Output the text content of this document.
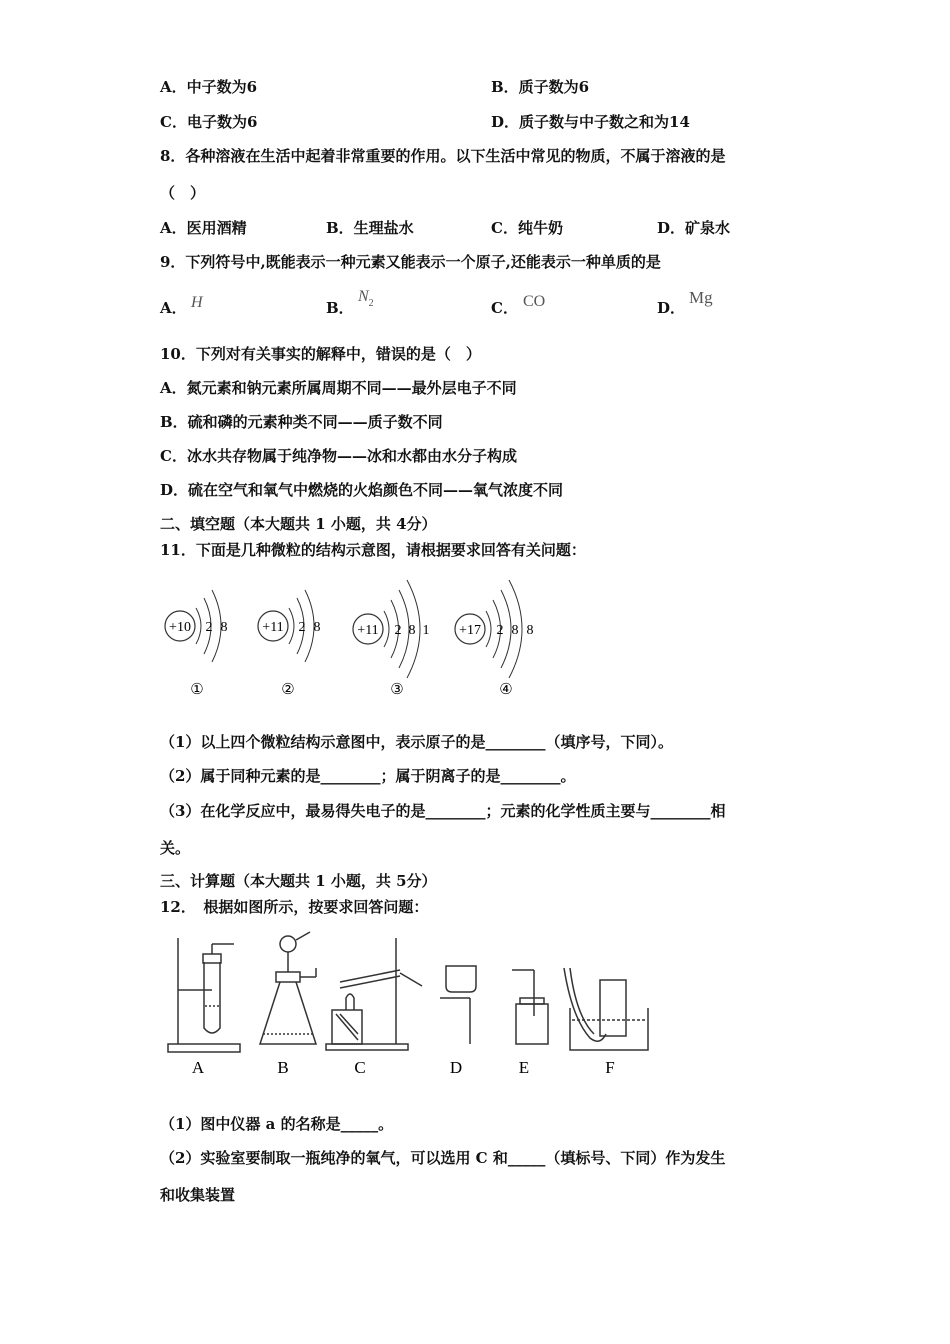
A．中子数为6	B．质子数为6
C．电子数为6	D．质子数与中子数之和为14
8．各种溶液在生活中起着非常重要的作用。以下生活中常见的物质，不属于溶液的是
（　）
A．医用酒精	B．生理盐水	C．纯牛奶	D．矿泉水
9．下列符号中,既能表示一种元素又能表示一个原子,还能表示一种单质的是
A． H	B．
$N_2$	C． CO	D．
Mg
10．下列对有关事实的解释中，错误的是（　）
A．氮元素和钠元素所属周期不同——最外层电子不同
B．硫和磷的元素种类不同——质子数不同
C．冰水共存物属于纯净物——冰和水都由水分子构成
D．硫在空气和氧气中燃烧的火焰颜色不同——氧气浓度不同
二、填空题（本大题共 1 小题，共 4分）
11．下面是几种微粒的结构示意图，请根据要求回答有关问题：
+10 2 8
①
+11 2 8
②
+11 2 8 1
③
+17 2 8 8
④
（1）以上四个微粒结构示意图中，表示原子的是________（填序号，下同）。
（2）属于同种元素的是________；属于阴离子的是________。
（3）在化学反应中，最易得失电子的是________；元素的化学性质主要与________相
关。
三、计算题（本大题共 1 小题，共 5分）
12．　根据如图所示，按要求回答问题：
A	B	C	D	E	F
（1）图中仪器 a 的名称是_____。
（2）实验室要制取一瓶纯净的氧气，可以选用 C 和_____（填标号、下同）作为发生
和收集装置
